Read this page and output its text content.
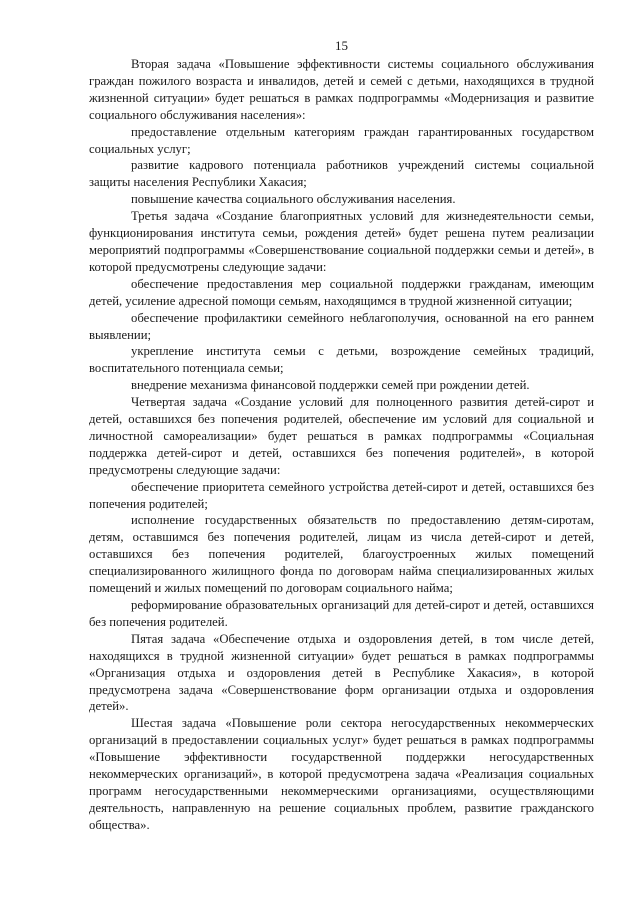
15

Вторая задача «Повышение эффективности системы социального обслуживания граждан пожилого возраста и инвалидов, детей и семей с детьми, находящихся в трудной жизненной ситуации» будет решаться в рамках подпрограммы «Модернизация и развитие социального обслуживания населения»:

предоставление отдельным категориям граждан гарантированных государством социальных услуг;

развитие кадрового потенциала работников учреждений системы социальной защиты населения Республики Хакасия;

повышение качества социального обслуживания населения.

Третья задача «Создание благоприятных условий для жизнедеятельности семьи, функционирования института семьи, рождения детей» будет решена путем реализации мероприятий подпрограммы «Совершенствование социальной поддержки семьи и детей», в которой предусмотрены следующие задачи:

обеспечение предоставления мер социальной поддержки гражданам, имеющим детей, усиление адресной помощи семьям, находящимся в трудной жизненной ситуации;

обеспечение профилактики семейного неблагополучия, основанной на его раннем выявлении;

укрепление института семьи с детьми, возрождение семейных традиций, воспитательного потенциала семьи;

внедрение механизма финансовой поддержки семей при рождении детей.

Четвертая задача «Создание условий для полноценного развития детей-сирот и детей, оставшихся без попечения родителей, обеспечение им условий для социальной и личностной самореализации» будет решаться в рамках подпрограммы «Социальная поддержка детей-сирот и детей, оставшихся без попечения родителей», в которой предусмотрены следующие задачи:

обеспечение приоритета семейного устройства детей-сирот и детей, оставшихся без попечения родителей;

исполнение государственных обязательств по предоставлению детям-сиротам, детям, оставшимся без попечения родителей, лицам из числа детей-сирот и детей, оставшихся без попечения родителей, благоустроенных жилых помещений специализированного жилищного фонда по договорам найма специализированных жилых помещений и жилых помещений по договорам социального найма;

реформирование образовательных организаций для детей-сирот и детей, оставшихся без попечения родителей.

Пятая задача «Обеспечение отдыха и оздоровления детей, в том числе детей, находящихся в трудной жизненной ситуации» будет решаться в рамках подпрограммы «Организация отдыха и оздоровления детей в Республике Хакасия», в которой предусмотрена задача «Совершенствование форм организации отдыха и оздоровления детей».

Шестая задача «Повышение роли сектора негосударственных некоммерческих организаций в предоставлении социальных услуг» будет решаться в рамках подпрограммы «Повышение эффективности государственной поддержки негосударственных некоммерческих организаций», в которой предусмотрена задача «Реализация социальных программ негосударственными некоммерческими организациями, осуществляющими деятельность, направленную на решение социальных проблем, развитие гражданского общества».
